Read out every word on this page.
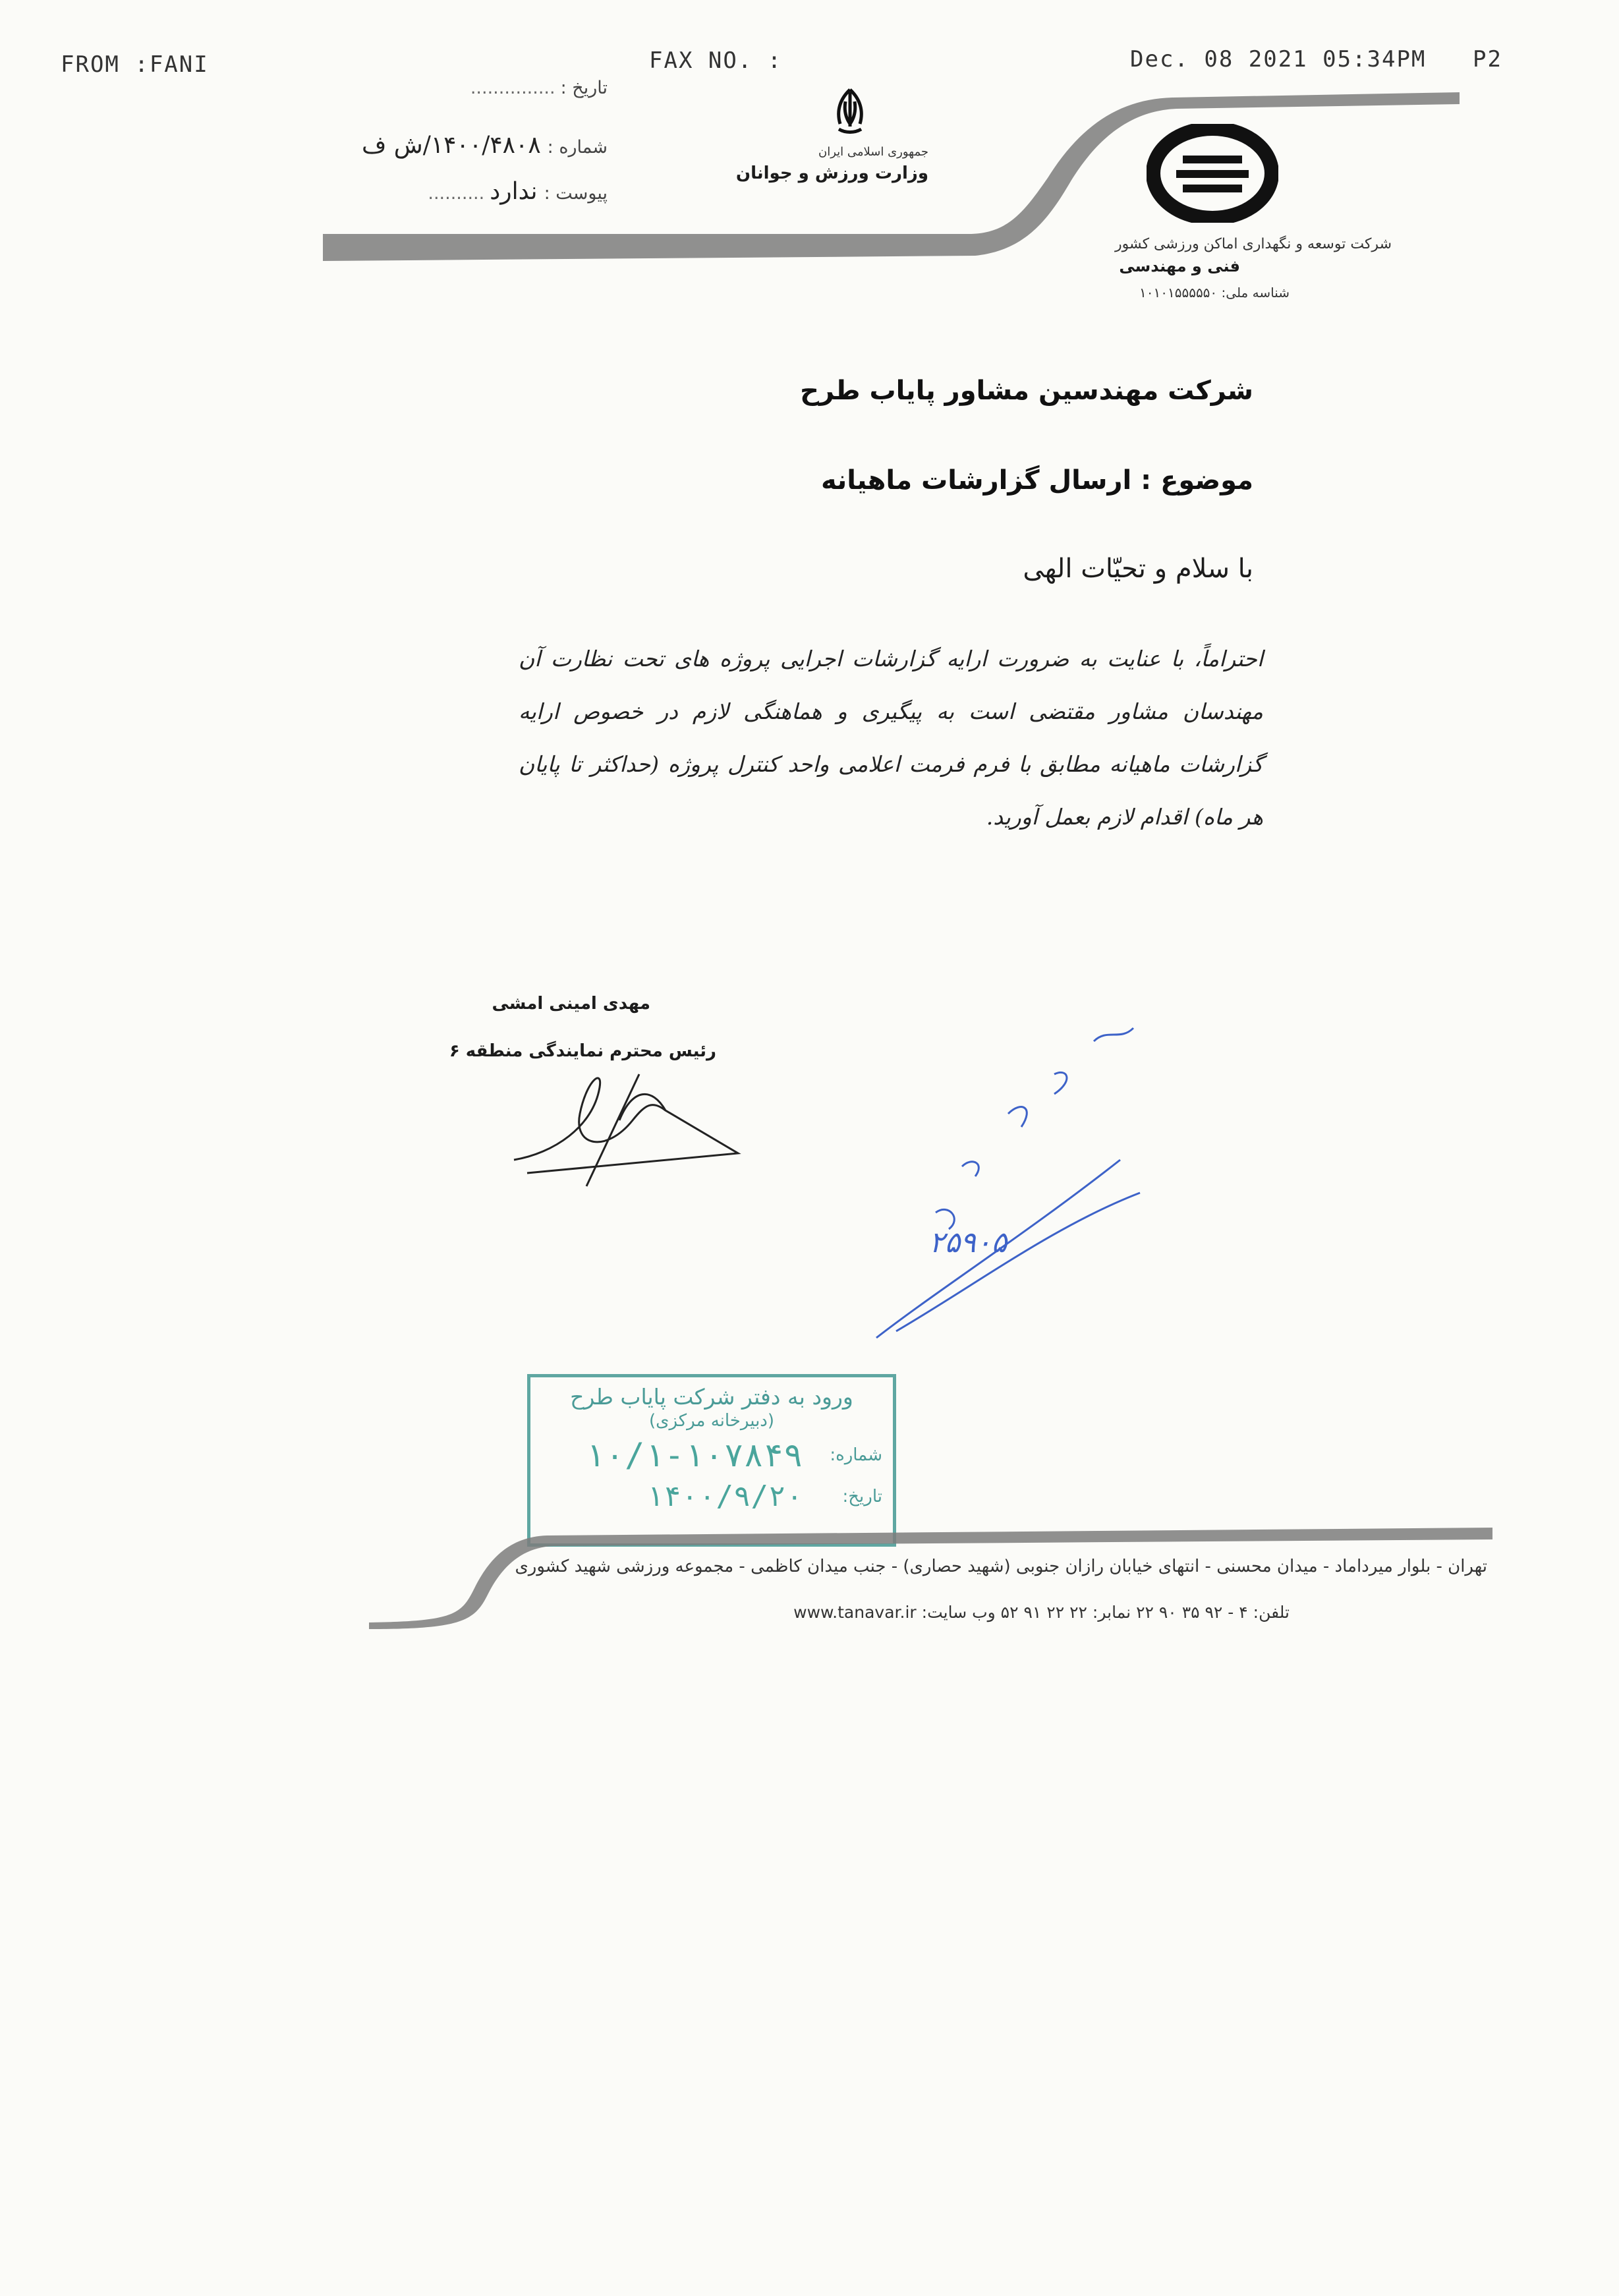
FROM :FANI	FAX NO. :	Dec. 08 2021 05:34PM P2
تاریخ :...............
شماره :۱۴۰۰/۴۸۰۸/ش ف
پیوست :ندارد..........
جمهوری اسلامی ایران
وزارت ورزش و جوانان
شرکت توسعه و نگهداری اماکن ورزشی کشور
فنی و مهندسی
شناسه ملی: ۱۰۱۰۱۵۵۵۵۵۰
شرکت مهندسین مشاور پایاب طرح
موضوع : ارسال گزارشات ماهیانه
با سلام و تحیّات الهی
احتراماً، با عنایت به ضرورت ارایه گزارشات اجرایی پروژه های تحت نظارت آن مهندسان مشاور مقتضی است به پیگیری و هماهنگی لازم در خصوص ارایه گزارشات ماهیانه مطابق با فرم فرمت اعلامی واحد کنترل پروژه (حداکثر تا پایان هر ماه) اقدام لازم بعمل آورید.
مهدی امینی امشی
رئیس محترم نمایندگی منطقه ۶
۲۵۹۰۵
ورود به دفتر شرکت پایاب طرح
(دبیرخانه مرکزی)
شماره:
۱۰/۱-۱۰۷۸۴۹
تاریخ:
۱۴۰۰/۹/۲۰
تهران - بلوار میرداماد - میدان محسنی - انتهای خیابان رازان جنوبی (شهید حصاری) - جنب میدان کاظمی - مجموعه ورزشی شهید کشوری
تلفن: ۴ - ۹۲ ۳۵ ۹۰ ۲۲ نمابر: ۲۲ ۲۲ ۹۱ ۵۲ وب سایت: www.tanavar.ir
